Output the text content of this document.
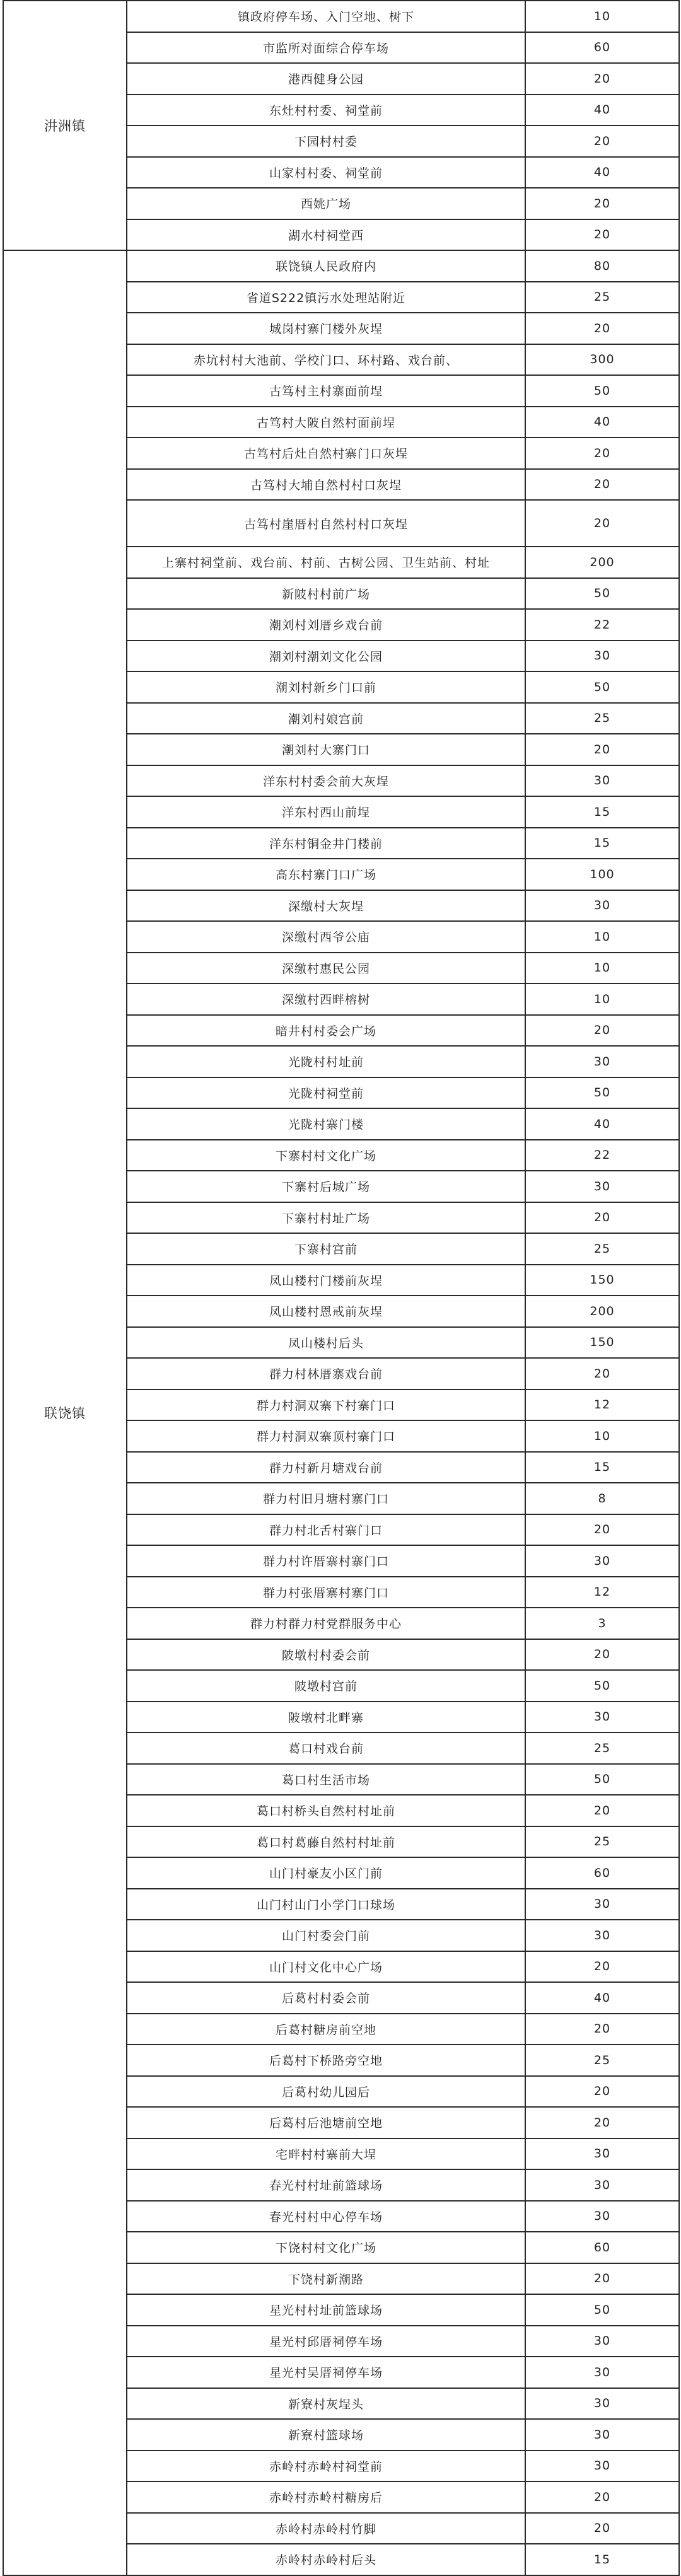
汫洲镇	镇政府停车场、入门空地、树下	10
	市监所对面综合停车场	60
	港西健身公园	20
	东灶村村委、祠堂前	40
	下园村村委	20
	山家村村委、祠堂前	40
	西姚广场	20
	湖水村祠堂西	20
联饶镇	联饶镇人民政府内	80
	省道S222镇污水处理站附近	25
	城岗村寨门楼外灰埕	20
	赤坑村村大池前、学校门口、环村路、戏台前、	300
	古笃村主村寨面前埕	50
	古笃村大陂自然村面前埕	40
	古笃村后灶自然村寨门口灰埕	20
	古笃村大埔自然村村口灰埕	20
	古笃村崖厝村自然村村口灰埕	20
	上寨村祠堂前、戏台前、村前、古树公园、卫生站前、村址	200
	新陂村村前广场	50
	潮刘村刘厝乡戏台前	22
	潮刘村潮刘文化公园	30
	潮刘村新乡门口前	50
	潮刘村娘宫前	25
	潮刘村大寨门口	20
	洋东村村委会前大灰埕	30
	洋东村西山前埕	15
	洋东村铜金井门楼前	15
	高东村寨门口广场	100
	深缴村大灰埕	30
	深缴村西爷公庙	10
	深缴村惠民公园	10
	深缴村西畔榕树	10
	暗井村村委会广场	20
	光陇村村址前	30
	光陇村祠堂前	50
	光陇村寨门楼	40
	下寨村村文化广场	22
	下寨村后城广场	30
	下寨村村址广场	20
	下寨村宫前	25
	凤山楼村门楼前灰埕	150
	凤山楼村恩戒前灰埕	200
	凤山楼村后头	150
	群力村林厝寨戏台前	20
	群力村洞双寨下村寨门口	12
	群力村洞双寨顶村寨门口	10
	群力村新月塘戏台前	15
	群力村旧月塘村寨门口	8
	群力村北舌村寨门口	20
	群力村许厝寨村寨门口	30
	群力村张厝寨村寨门口	12
	群力村群力村党群服务中心	3
	陂墩村村委会前	20
	陂墩村宫前	50
	陂墩村北畔寨	30
	葛口村戏台前	25
	葛口村生活市场	50
	葛口村桥头自然村村址前	20
	葛口村葛藤自然村村址前	25
	山门村豪友小区门前	60
	山门村山门小学门口球场	30
	山门村委会门前	30
	山门村文化中心广场	20
	后葛村村委会前	40
	后葛村糖房前空地	20
	后葛村下桥路旁空地	25
	后葛村幼儿园后	20
	后葛村后池塘前空地	20
	宅畔村村寨前大埕	30
	春光村村址前篮球场	30
	春光村村中心停车场	30
	下饶村村文化广场	60
	下饶村新潮路	20
	星光村村址前篮球场	50
	星光村邱厝祠停车场	30
	星光村吴厝祠停车场	30
	新寮村灰埕头	30
	新寮村篮球场	30
	赤岭村赤岭村祠堂前	30
	赤岭村赤岭村糖房后	20
	赤岭村赤岭村竹脚	20
	赤岭村赤岭村后头	15
